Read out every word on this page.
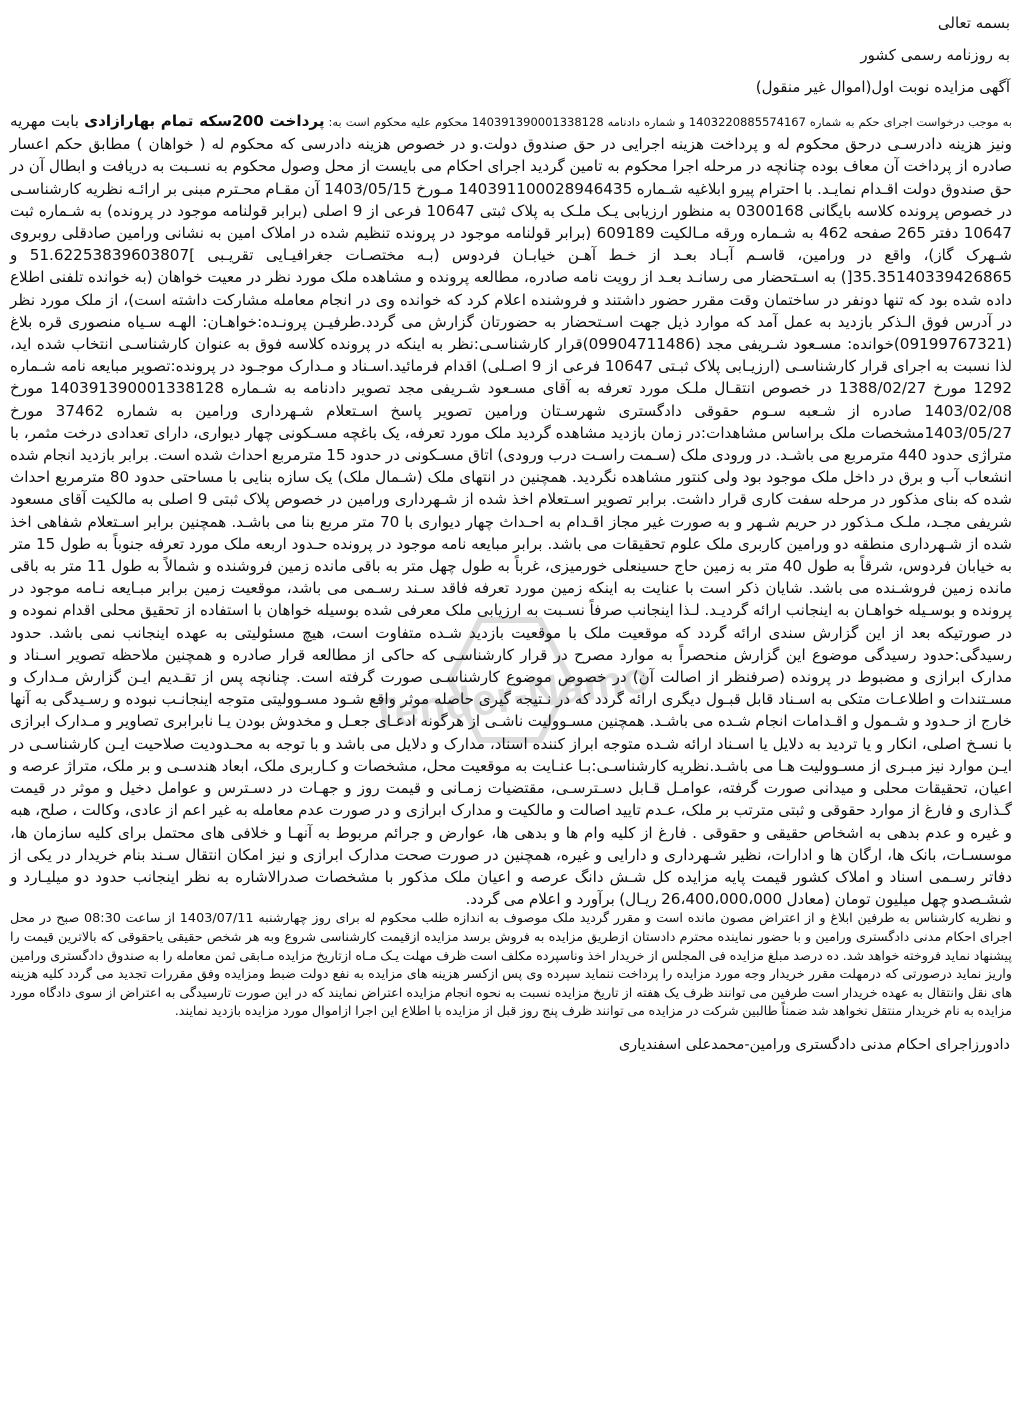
بسمه تعالی
به روزنامه رسمی کشور
آگهی مزایده نوبت اول(اموال غیر منقول)
به موجب درخواست اجرای حکم به شماره 1403220885574167 و شماره دادنامه 140391390001338128 محکوم علیه محکوم است به: پرداخت 200سکه تمام بهارازادی بابت مهریه ونیز هزینه دادرسـی درحق محکوم له و پرداخت هزینه اجرایی در حق صندوق دولت.و در خصوص هزینه دادرسی که محکوم له ( خواهان ) مطابق حکم اعسار صادره از پرداخت آن معاف بوده چنانچه در مرحله اجرا محکوم به تامین گردید اجرای احکام می بایست از محل وصول محکوم به نسـبت به دریافت و ابطال آن در حق صندوق دولت اقـدام نمایـد. با احترام پیرو ابلاغیه شـماره 140391100028946435 مـورخ 1403/05/15 آن مقـام محـترم مبنی بر ارائـه نظریه کارشناسـی در خصوص پرونده کلاسه بایگانی 0300168 به منظور ارزیابی یـک ملـک به پلاک ثبتی 10647 فرعی از 9 اصلی (برابر قولنامه موجود در پرونده) به شـماره ثبت 10647 دفتر 265 صفحه 462 به شـماره ورقه مـالکیت 609189 (برابر قولنامه موجود در پرونده تنظیم شده در املاک امین به نشانی ورامین صادقلی روبروی شـهرک گاز)، واقع در ورامین، قاسـم آبـاد بعـد از خـط آهـن خیابـان فردوس (بـه مختصـات جغرافیـایی تقریـبی ]51.62253839603807 و 35.35140339426865[) به اسـتحضار می رسانـد بعـد از رویت نامه صادره، مطالعه پرونده و مشاهده ملک مورد نظر در معیت خواهان (به خوانده تلفنی اطلاع داده شده بود که تنها دونفر در ساختمان وقت مقرر حضور داشتند و فروشنده اعلام کرد که خوانده وی در انجام معامله مشارکت داشته است)، از ملک مورد نظر در آدرس فوق الـذکر بازدید به عمل آمد که موارد ذیل جهت اسـتحضار به حضورتان گزارش می گردد.طرفیـن پرونـده:خواهـان: الهـه سـیاه منصوری قره بلاغ (09199767321)خوانده: مسـعود شـریفی مجد (09904711486)قرار کارشناسـی:نظر به اینکه در پرونده کلاسه فوق به عنوان کارشناسـی انتخاب شده اید، لذا نسبت به اجرای قرار کارشناسـی (ارزیـابی پلاک ثبـتی 10647 فرعی از 9 اصـلی) اقدام فرمائید.اسـناد و مـدارک موجـود در پرونده:تصویر مبایعه نامه شـماره 1292 مورخ 1388/02/27 در خصوص انتقـال ملـک مورد تعرفه به آقای مسـعود شـریفی مجد تصویر دادنامه به شـماره 140391390001338128 مورخ 1403/02/08 صادره از شـعبه سـوم حقوقی دادگستری شهرسـتان ورامین تصویر پاسخ اسـتعلام شـهرداری ورامین به شماره 37462 مورخ 1403/05/27مشخصات ملک براساس مشاهدات:در زمان بازدید مشاهده گردید ملک مورد تعرفه، یک باغچه مسـکونی چهار دیواری، دارای تعدادی درخت مثمر، با متراژی حدود 440 مترمربع می باشـد. در ورودی ملک (سـمت راسـت درب ورودی) اتاق مسـکونی در حدود 15 مترمربع احداث شده است. برابر بازدید انجام شده انشعاب آب و برق در داخل ملک موجود بود ولی کنتور مشاهده نگردید. همچنین در انتهای ملک (شـمال ملک) یک سازه بنایی با مساحتی حدود 80 مترمربع احداث شده که بنای مذکور در مرحله سفت کاری قرار داشت. برابر تصویر اسـتعلام اخذ شده از شـهرداری ورامین در خصوص پلاک ثبتی 9 اصلی به مالکیت آقای مسعود شریفی مجـد، ملـک مـذکور در حریم شـهر و به صورت غیر مجاز اقـدام به احـداث چهار دیواری با 70 متر مربع بنا می باشـد. همچنین برابر اسـتعلام شفاهی اخذ شده از شـهرداری منطقه دو ورامین کاربری ملک علوم تحقیقات می باشد. برابر مبایعه نامه موجود در پرونده حـدود اربعه ملک مورد تعرفه جنوباً به طول 15 متر به خیابان فردوس، شرقاً به طول 40 متر به زمین حاج حسینعلی خورمیزی، غرباً به طول چهل متر به باقی مانده زمین فروشنده و شمالاً به طول 11 متر به باقی مانده زمین فروشـنده می باشد. شایان ذکر است با عنایت به اینکه زمین مورد تعرفه فاقد سـند رسـمی می باشد، موقعیت زمین برابر مبـایعه نـامه موجود در پرونده و بوسـیله خواهـان به اینجانب ارائه گردیـد. لـذا اینجانب صرفاً نسـبت به ارزیابی ملک معرفی شده بوسیله خواهان با استفاده از تحقیق محلی اقدام نموده و در صورتیکه بعد از این گزارش سندی ارائه گردد که موقعیت ملک با موقعیت بازدید شـده متفاوت است، هیچ مسئولیتی به عهده اینجانب نمی باشد. حدود رسیدگی:حدود رسیدگی موضوع این گزارش منحصراً به موارد مصرح در قرار کارشناسـی که حاکی از مطالعه قرار صادره و همچنین ملاحظه تصویر اسـناد و مدارک ابرازی و مضبوط در پرونده (صرفنظر از اصالت آن) در خصوص موضوع کارشناسـی صورت گرفته است. چنانچه پس از تقـدیم ایـن گزارش مـدارک و مسـتندات و اطلاعـات متکی به اسـناد قابل قبـول دیگری ارائه گردد که در نـتیجه گیری حاصله موثر واقع شـود مسـوولیتی متوجه اینجانـب نبوده و رسـیدگی به آنها خارج از حـدود و شـمول و اقـدامات انجام شـده می باشـد. همچنین مسـوولیت ناشـی از هرگونه ادعـای جعـل و مخدوش بودن یـا نابرابری تصاویر و مـدارک ابرازی با نسـخ اصلی، انکار و یا تردید به دلایل یا اسـناد ارائه شـده متوجه ابراز کننده اسناد، مدارک و دلایل می باشد و با توجه به محـدودیت صلاحیت ایـن کارشناسـی در ایـن موارد نیز مبـری از مسـوولیت هـا می باشـد.نظریه کارشناسـی:بـا عنـایت به موقعیت محل، مشخصات و کـاربری ملک، ابعاد هندسـی و بر ملک، متراژ عرصه و اعیان، تحقیقات محلی و میدانی صورت گرفته، عوامـل قـابل دسـترسـی، مقتضیات زمـانی و قیمت روز و جهـات در دسـترس و عوامل دخیل و موثر در قیمت گـذاری و فارغ از موارد حقوقی و ثبتی مترتب بر ملک، عـدم تایید اصالت و مالکیت و مدارک ابرازی و در صورت عدم معامله به غیر اعم از عادی، وکالت ، صلح، هبه و غیره و عدم بدهی به اشخاص حقیقی و حقوقی . فارغ از کلیه وام ها و بدهی ها، عوارض و جرائم مربوط به آنهـا و خلافی های محتمل برای کلیه سازمان ها، موسسـات، بانک ها، ارگان ها و ادارات، نظیر شـهرداری و دارایی و غیره، همچنین در صورت صحت مدارک ابرازی و نیز امکان انتقال سـند بنام خریدار در یکی از دفاتر رسـمی اسناد و املاک کشور قیمت پایه مزایده کل شـش دانگ عرصه و اعیان ملک مذکور با مشخصات صدرالاشاره به نظر اینجانب حدود دو میلیـارد و ششـصدو چهل میلیون تومان (معادل 26،400،000،000 ریـال) برآورد و اعلام می گردد.
و نظریه کارشناس به طرفین ابلاغ و از اعتراض مصون مانده است و مقرر گردید ملک موصوف به اندازه طلب محکوم له برای روز چهارشنبه 1403/07/11 از ساعت 08:30 صبح در محل اجرای احکام مدنی دادگستری ورامین و با حضور نماینده محترم دادستان ازطریق مزایده به فروش برسد مزایده ازقیمت کارشناسی شروع وبه هر شخص حقیقی یاحقوقی که بالاترین قیمت را پیشنهاد نماید فروخته خواهد شد. ده درصد مبلغ مزایده فی المجلس از خریدار اخذ وناسپرده مکلف است ظرف مهلت یـک مـاه ازتاریخ مزایده مـابقی ثمن معامله را به صندوق دادگستری ورامین واریز نماید درصورتی که درمهلت مقرر خریدار وجه مورد مزایده را پرداخت ننماید سپرده وی پس ازکسر هزینه های مزایده به نفع دولت ضبط ومزایده وفق مقررات تجدید می گردد کلیه هزینه های نقل وانتقال به عهده خریدار است طرفین می توانند ظرف یک هفته از تاریخ مزایده نسبت به نحوه انجام مزایده اعتراض نمایند که در این صورت تارسیدگی به اعتراض از سوی دادگاه مورد مزایده به نام خریدار منتقل نخواهد شد ضمناً طالبین شرکت در مزایده می توانند ظرف پنج روز قبل از مزایده با اطلاع این اجرا ازاموال مورد مزایده بازدید نمایند.
دادورزاجرای احکام مدنی دادگستری ورامین-محمدعلی اسفندیاری
Tender-Namo
